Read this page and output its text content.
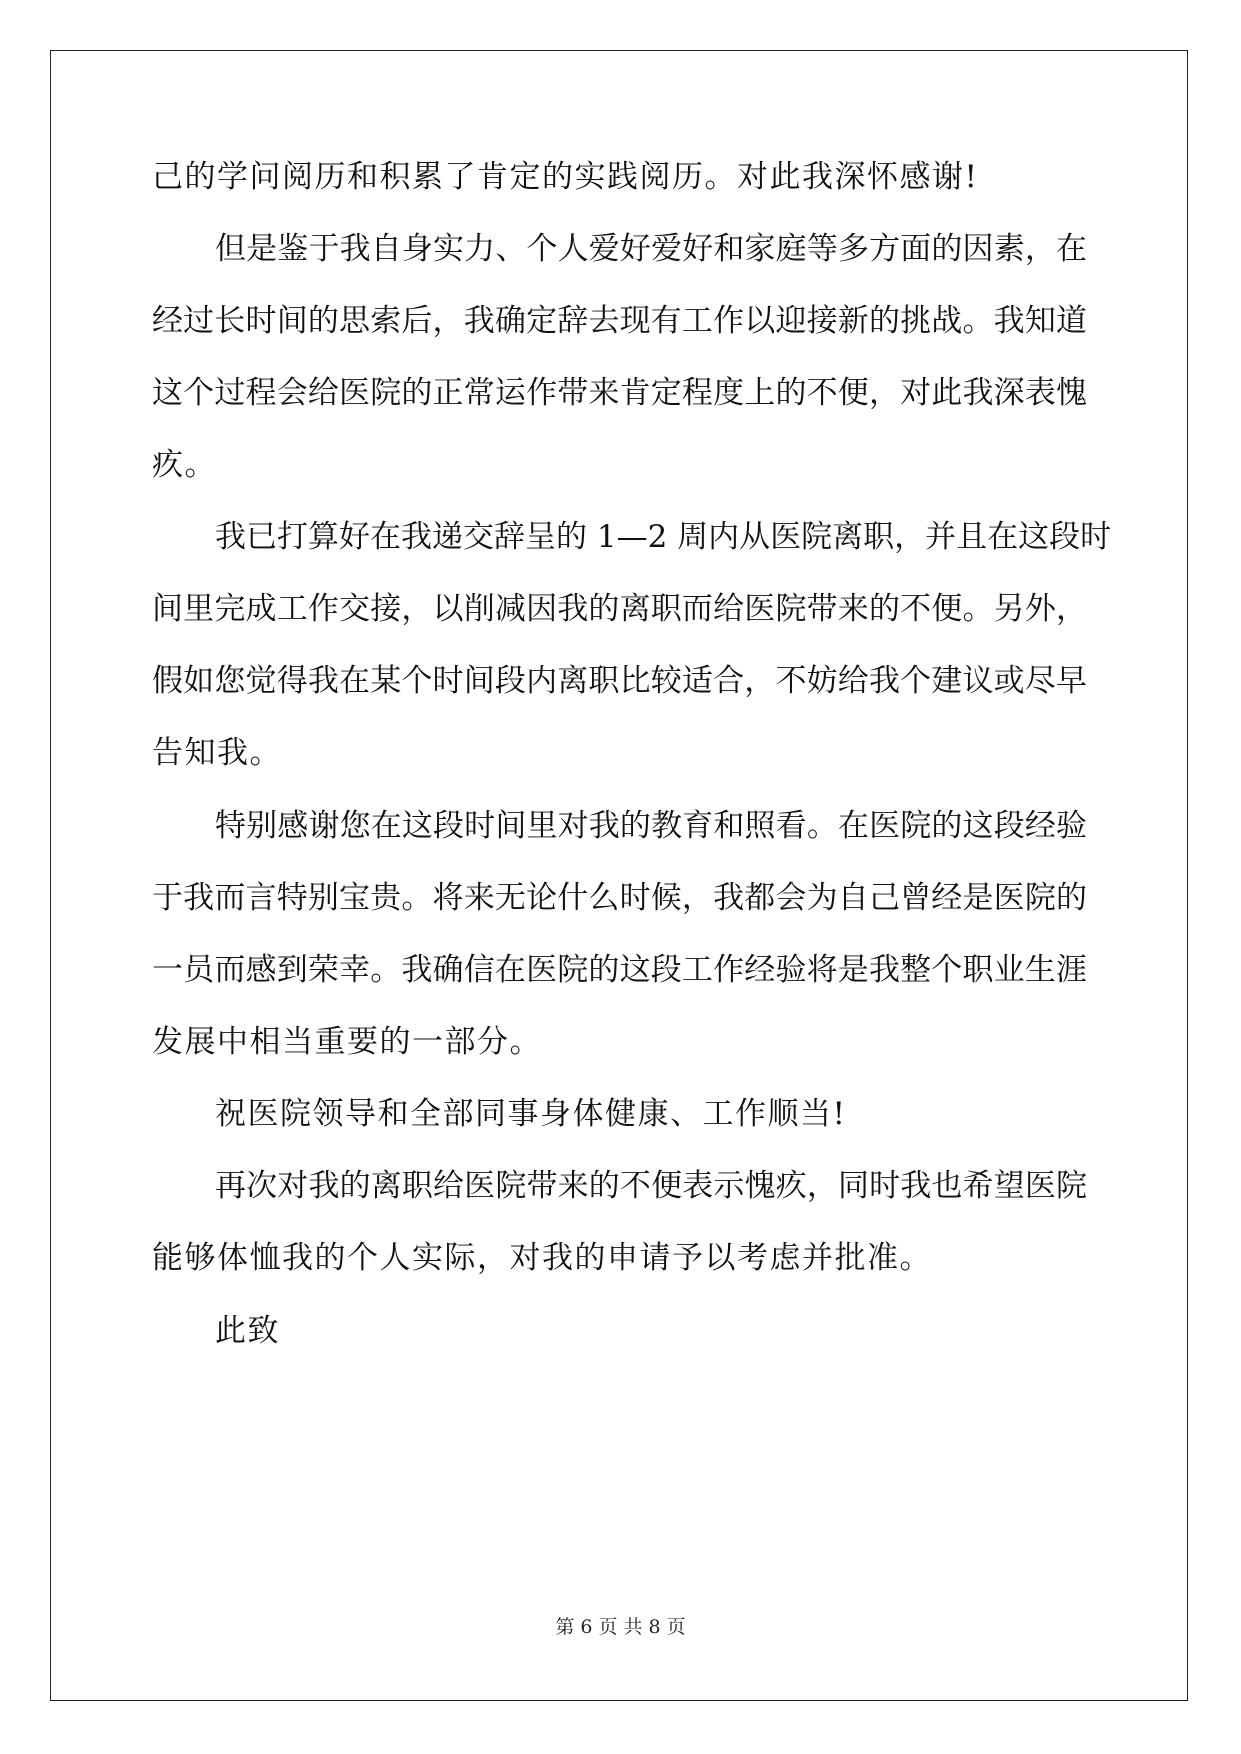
己的学问阅历和积累了肯定的实践阅历。对此我深怀感谢!
但是鉴于我自身实力、个人爱好爱好和家庭等多方面的因素，在
经过长时间的思索后，我确定辞去现有工作以迎接新的挑战。我知道
这个过程会给医院的正常运作带来肯定程度上的不便，对此我深表愧
疚。
我已打算好在我递交辞呈的 1—2 周内从医院离职，并且在这段时
间里完成工作交接，以削减因我的离职而给医院带来的不便。另外，
假如您觉得我在某个时间段内离职比较适合，不妨给我个建议或尽早
告知我。
特别感谢您在这段时间里对我的教育和照看。在医院的这段经验
于我而言特别宝贵。将来无论什么时候，我都会为自己曾经是医院的
一员而感到荣幸。我确信在医院的这段工作经验将是我整个职业生涯
发展中相当重要的一部分。
祝医院领导和全部同事身体健康、工作顺当!
再次对我的离职给医院带来的不便表示愧疚，同时我也希望医院
能够体恤我的个人实际，对我的申请予以考虑并批准。
此致
第 6 页 共 8 页
